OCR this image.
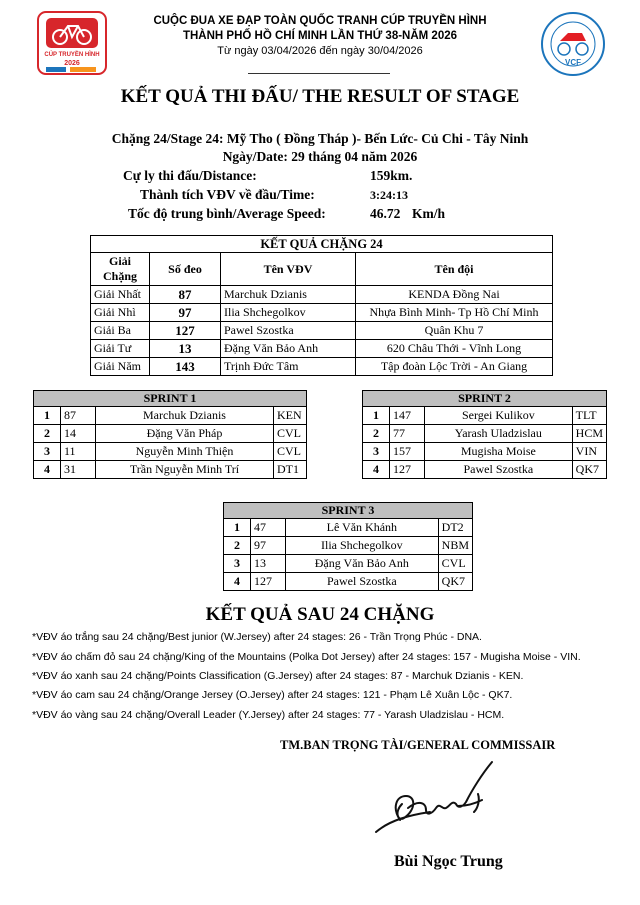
CÚP TRUYỀN HÌNH
2026	VCF
CUỘC ĐUA XE ĐẠP TOÀN QUỐC TRANH CÚP TRUYỀN HÌNH
THÀNH PHỐ HỒ CHÍ MINH LẦN THỨ 38-NĂM 2026
Từ ngày 03/04/2026 đến ngày 30/04/2026
KẾT QUẢ THI ĐẤU/ THE RESULT OF STAGE
Chặng 24/Stage 24: Mỹ Tho ( Đồng Tháp )- Bến Lức- Củ Chi - Tây Ninh
Ngày/Date: 29 tháng 04 năm 2026
Cự ly thi đấu/Distance:	159km.
Thành tích VĐV về đầu/Time:	3:24:13
Tốc độ trung bình/Average Speed:	46.72 Km/h
KẾT QUẢ CHẶNG 24			
Giải Chặng	Số đeo	Tên VĐV	Tên đội
Giải Nhất	87	Marchuk Dzianis	KENDA Đồng Nai
Giải Nhì	97	Ilia Shchegolkov	Nhựa Bình Minh- Tp Hồ Chí Minh
Giải Ba	127	Pawel Szostka	Quân Khu 7
Giải Tư	13	Đặng Văn Bảo Anh	620 Châu Thới - Vĩnh Long
Giải Năm	143	Trịnh Đức Tâm	Tập đoàn Lộc Trời - An Giang
SPRINT 1			
1	87	Marchuk Dzianis	KEN
2	14	Đặng Văn Pháp	CVL
3	11	Nguyễn Minh Thiện	CVL
4	31	Trần Nguyễn Minh Trí	DT1
SPRINT 2			
1	147	Sergei Kulikov	TLT
2	77	Yarash Uladzislau	HCM
3	157	Mugisha Moise	VIN
4	127	Pawel Szostka	QK7
SPRINT 3			
1	47	Lê Văn Khánh	DT2
2	97	Ilia Shchegolkov	NBM
3	13	Đặng Văn Bảo Anh	CVL
4	127	Pawel Szostka	QK7
KẾT QUẢ SAU 24 CHẶNG
*VĐV áo trắng sau 24 chặng/Best junior (W.Jersey) after 24 stages: 26 - Trần Trọng Phúc - DNA.
*VĐV áo chấm đỏ sau 24 chặng/King of the Mountains (Polka Dot Jersey) after 24 stages: 157 - Mugisha Moise - VIN.
*VĐV áo xanh sau 24 chặng/Points Classification (G.Jersey) after 24 stages: 87 - Marchuk Dzianis - KEN.
*VĐV áo cam sau 24 chặng/Orange Jersey (O.Jersey) after 24 stages: 121 - Phạm Lê Xuân Lộc - QK7.
*VĐV áo vàng sau 24 chặng/Overall Leader (Y.Jersey) after 24 stages: 77 - Yarash Uladzislau - HCM.
TM.BAN TRỌNG TÀI/GENERAL COMMISSAIR
Bùi Ngọc Trung
